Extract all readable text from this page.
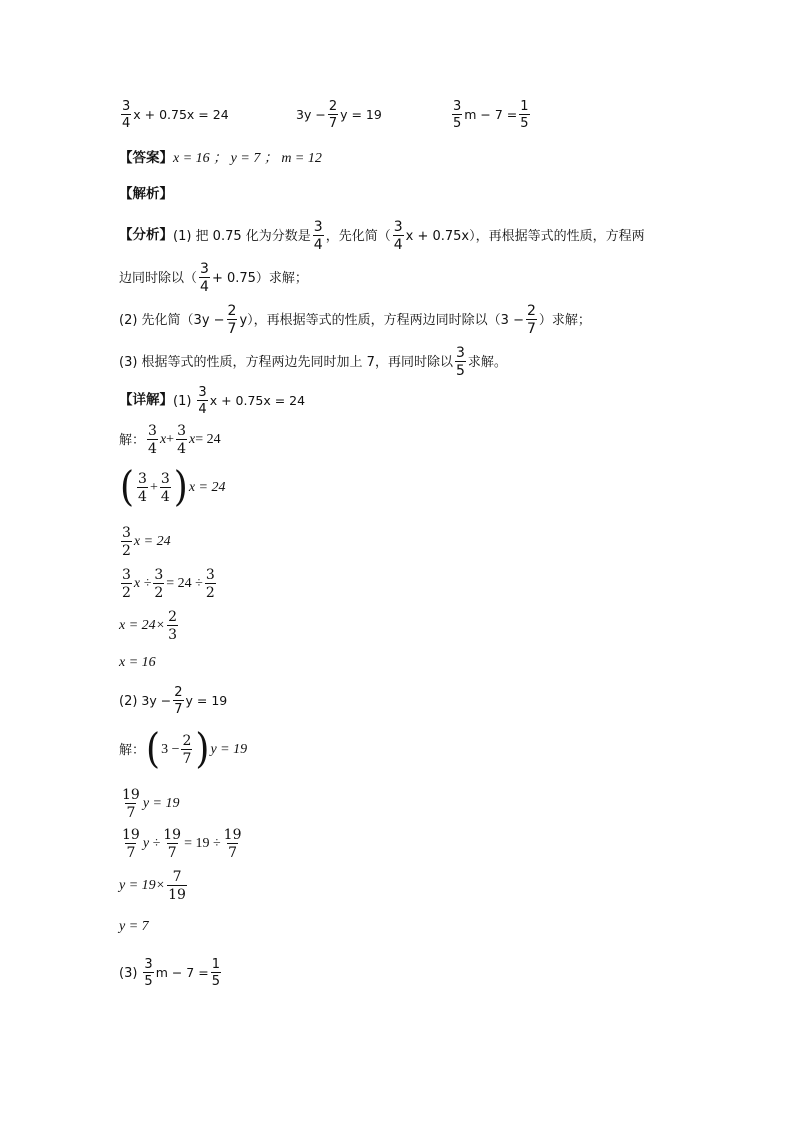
$\frac{3}{4}$ x + 0.75x = 24	$3y - \frac{2}{7}$ y = 19	$\frac{3}{5}$ $m - 7 = \frac{1}{5}$
【答案】 x = 16 ； y = 7 ； m = 12
【解析】
【分析】 (1) 把 0.75 化为分数是 $\frac{3}{4}$ ，先化简（ $\frac{3}{4}$ x + 0.75x），再根据等式的性质，方程两
边同时除以（ $\frac{3}{4} + 0.75$）求解；
(2) 先化简$(3y - \frac{2}{7} y)$，再根据等式的性质，方程两边同时除以（$3 - \frac{2}{7}$ ）求解；
(3) 根据等式的性质，方程两边先同时加上 7，再同时除以 $\frac{3}{5}$ 求解。
【详解】 $(1) \frac{3}{4}$ x + 0.75x = 24
解： $\frac{3}{4}$ $x + \frac{3}{4}$ x = 24
( $\frac{3}{4} + \frac{3}{4}$ ) x = 24
$\frac{3}{2}$ x = 24
$\frac{3}{2}$ $x \div \frac{3}{2} = 24 \div \frac{3}{2}$
$x = 24\times \frac{2}{3}$
x = 16
(2) $3y - \frac{2}{7}$ y = 19
解： ( $3 - \frac{2}{7}$ ) y = 19
$\frac{19}{7}$ y = 19
$\frac{19}{7}$ $y \div \frac{19}{7} = 19 \div \frac{19}{7}$
$y = 19\times \frac{7}{19}$
y = 7
$(3) \frac{3}{5}$ $m - 7 = \frac{1}{5}$
